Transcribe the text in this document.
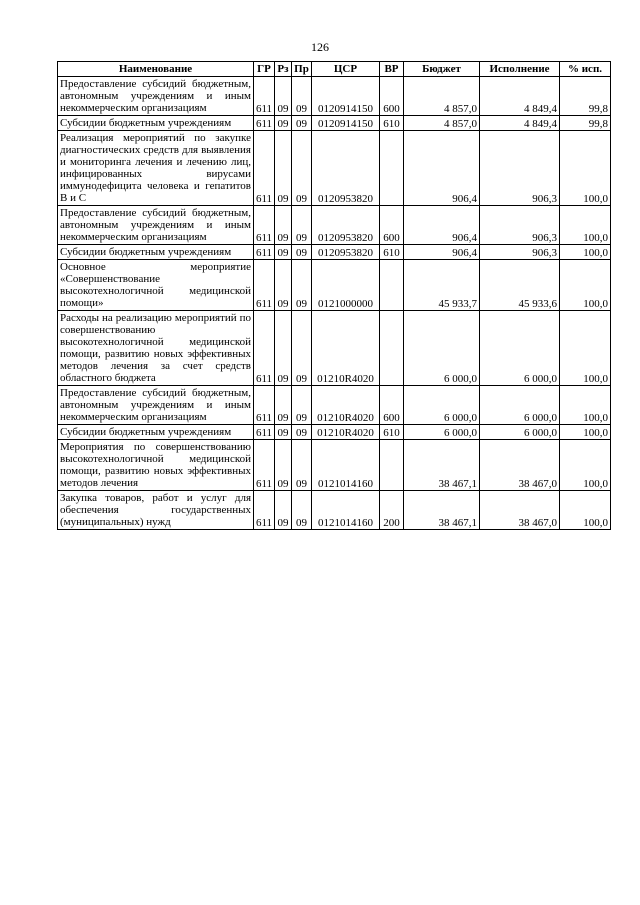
126
Наименование	ГР	Рз	Пр	ЦСР	ВР	Бюджет	Исполнение	% исп.
Предоставление субсидий бюджетным, автономным учреждениям и иным некоммерческим организациям	611	09	09	0120914150	600	4 857,0	4 849,4	99,8
Субсидии бюджетным учреждениям	611	09	09	0120914150	610	4 857,0	4 849,4	99,8
Реализация мероприятий по закупке диагностических средств для выявления и мониторинга лечения и лечению лиц, инфицированных вирусами иммунодефицита человека и гепатитов В и С	611	09	09	0120953820		906,4	906,3	100,0
Предоставление субсидий бюджетным, автономным учреждениям и иным некоммерческим организациям	611	09	09	0120953820	600	906,4	906,3	100,0
Субсидии бюджетным учреждениям	611	09	09	0120953820	610	906,4	906,3	100,0
Основное мероприятие «Совершенствование высокотехнологичной медицинской помощи»	611	09	09	0121000000		45 933,7	45 933,6	100,0
Расходы на реализацию мероприятий по совершенствованию высокотехнологичной медицинской помощи, развитию новых эффективных методов лечения за счет средств областного бюджета	611	09	09	01210R4020		6 000,0	6 000,0	100,0
Предоставление субсидий бюджетным, автономным учреждениям и иным некоммерческим организациям	611	09	09	01210R4020	600	6 000,0	6 000,0	100,0
Субсидии бюджетным учреждениям	611	09	09	01210R4020	610	6 000,0	6 000,0	100,0
Мероприятия по совершенствованию высокотехнологичной медицинской помощи, развитию новых эффективных методов лечения	611	09	09	0121014160		38 467,1	38 467,0	100,0
Закупка товаров, работ и услуг для обеспечения государственных (муниципальных) нужд	611	09	09	0121014160	200	38 467,1	38 467,0	100,0
